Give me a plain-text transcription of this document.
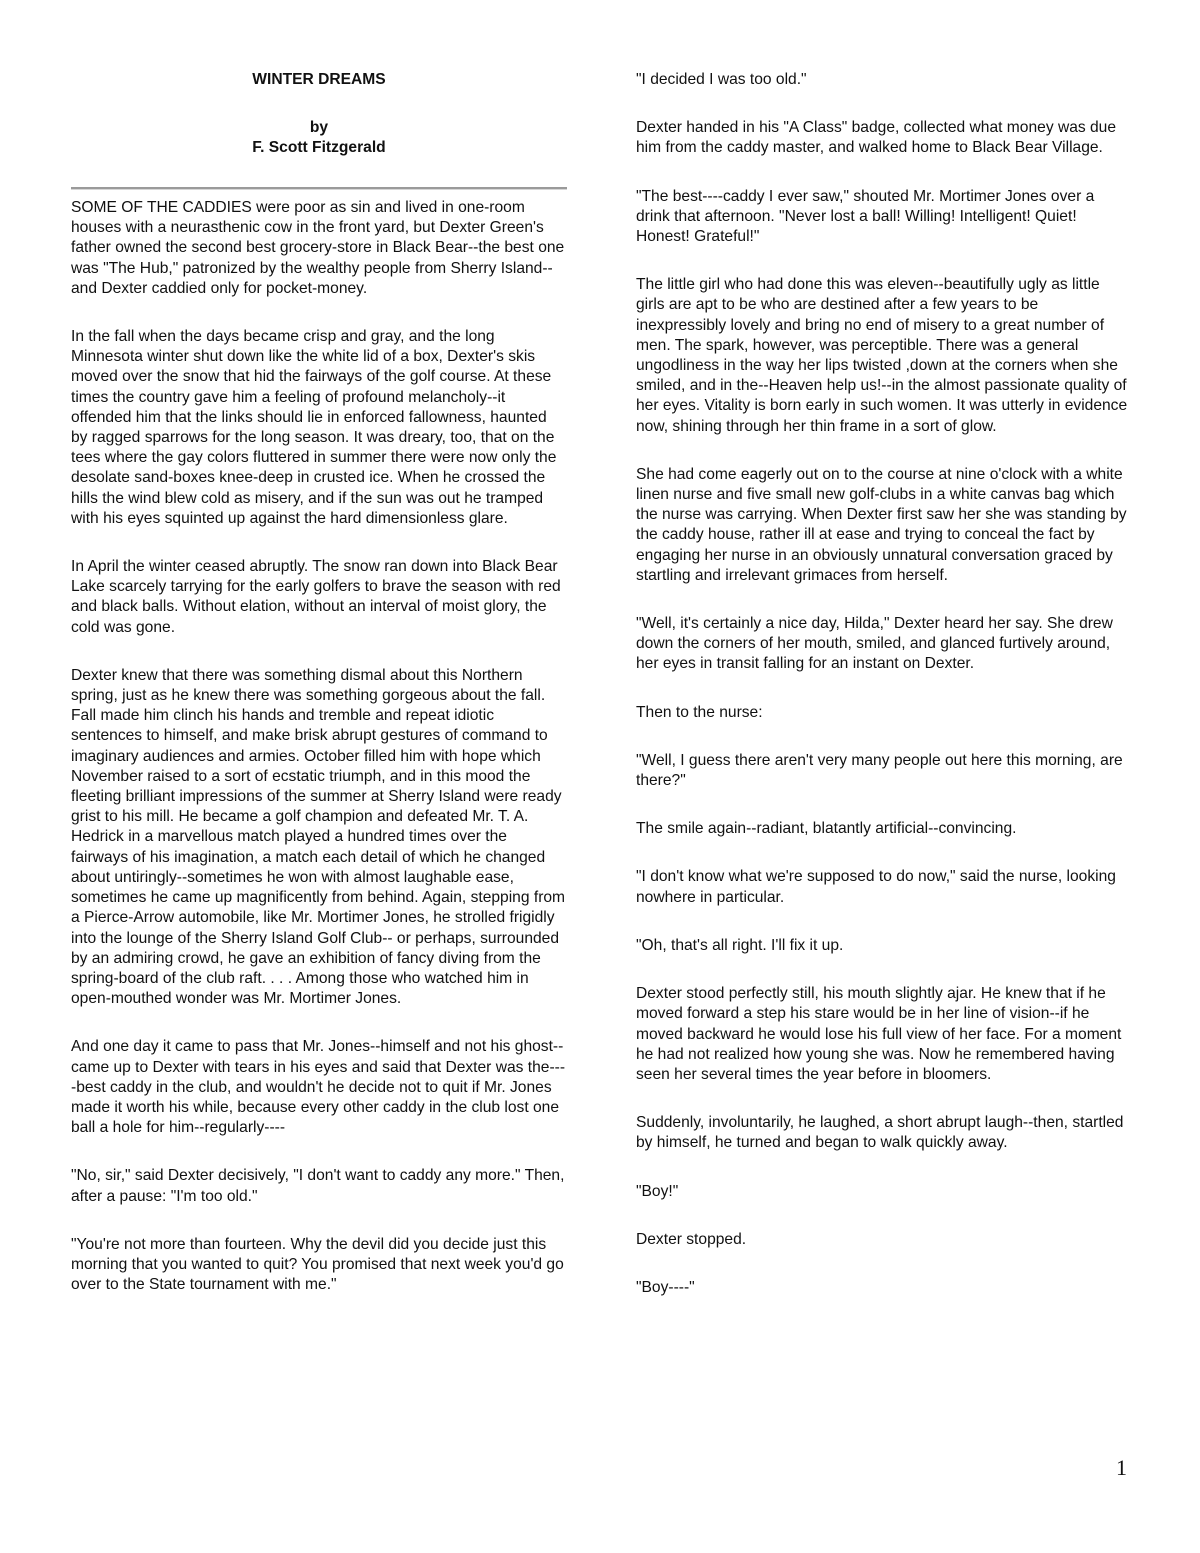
WINTER DREAMS

by

F. Scott Fitzgerald

SOME OF THE CADDIES were poor as sin and lived in one-room houses with a neurasthenic cow in the front yard, but Dexter Green's father owned the second best grocery-store in Black Bear--the best one was "The Hub," patronized by the wealthy people from Sherry Island--and Dexter caddied only for pocket-money.

In the fall when the days became crisp and gray, and the long Minnesota winter shut down like the white lid of a box, Dexter's skis moved over the snow that hid the fairways of the golf course. At these times the country gave him a feeling of profound melancholy--it offended him that the links should lie in enforced fallowness, haunted by ragged sparrows for the long season. It was dreary, too, that on the tees where the gay colors fluttered in summer there were now only the desolate sand-boxes knee-deep in crusted ice. When he crossed the hills the wind blew cold as misery, and if the sun was out he tramped with his eyes squinted up against the hard dimensionless glare.

In April the winter ceased abruptly. The snow ran down into Black Bear Lake scarcely tarrying for the early golfers to brave the season with red and black balls. Without elation, without an interval of moist glory, the cold was gone.

Dexter knew that there was something dismal about this Northern spring, just as he knew there was something gorgeous about the fall. Fall made him clinch his hands and tremble and repeat idiotic sentences to himself, and make brisk abrupt gestures of command to imaginary audiences and armies. October filled him with hope which November raised to a sort of ecstatic triumph, and in this mood the fleeting brilliant impressions of the summer at Sherry Island were ready grist to his mill. He became a golf champion and defeated Mr. T. A. Hedrick in a marvellous match played a hundred times over the fairways of his imagination, a match each detail of which he changed about untiringly--sometimes he won with almost laughable ease, sometimes he came up magnificently from behind. Again, stepping from a Pierce-Arrow automobile, like Mr. Mortimer Jones, he strolled frigidly into the lounge of the Sherry Island Golf Club-- or perhaps, surrounded by an admiring crowd, he gave an exhibition of fancy diving from the spring-board of the club raft. . . . Among those who watched him in open-mouthed wonder was Mr. Mortimer Jones.

And one day it came to pass that Mr. Jones--himself and not his ghost-- came up to Dexter with tears in his eyes and said that Dexter was the----best caddy in the club, and wouldn't he decide not to quit if Mr. Jones made it worth his while, because every other caddy in the club lost one ball a hole for him--regularly----

"No, sir," said Dexter decisively, "I don't want to caddy any more." Then, after a pause: "I'm too old."

"You're not more than fourteen. Why the devil did you decide just this morning that you wanted to quit? You promised that next week you'd go over to the State tournament with me."

"I decided I was too old."

Dexter handed in his "A Class" badge, collected what money was due him from the caddy master, and walked home to Black Bear Village.

"The best----caddy I ever saw," shouted Mr. Mortimer Jones over a drink that afternoon. "Never lost a ball! Willing! Intelligent! Quiet! Honest! Grateful!"

The little girl who had done this was eleven--beautifully ugly as little girls are apt to be who are destined after a few years to be inexpressibly lovely and bring no end of misery to a great number of men. The spark, however, was perceptible. There was a general ungodliness in the way her lips twisted ,down at the corners when she smiled, and in the--Heaven help us!--in the almost passionate quality of her eyes. Vitality is born early in such women. It was utterly in evidence now, shining through her thin frame in a sort of glow.

She had come eagerly out on to the course at nine o'clock with a white linen nurse and five small new golf-clubs in a white canvas bag which the nurse was carrying. When Dexter first saw her she was standing by the caddy house, rather ill at ease and trying to conceal the fact by engaging her nurse in an obviously unnatural conversation graced by startling and irrelevant grimaces from herself.

"Well, it's certainly a nice day, Hilda," Dexter heard her say. She drew down the corners of her mouth, smiled, and glanced furtively around, her eyes in transit falling for an instant on Dexter.

Then to the nurse:

"Well, I guess there aren't very many people out here this morning, are there?"

The smile again--radiant, blatantly artificial--convincing.

"I don't know what we're supposed to do now," said the nurse, looking nowhere in particular.

"Oh, that's all right. I'll fix it up.

Dexter stood perfectly still, his mouth slightly ajar. He knew that if he moved forward a step his stare would be in her line of vision--if he moved backward he would lose his full view of her face. For a moment he had not realized how young she was. Now he remembered having seen her several times the year before in bloomers.

Suddenly, involuntarily, he laughed, a short abrupt laugh--then, startled by himself, he turned and began to walk quickly away.

"Boy!"

Dexter stopped.

"Boy----"

1
